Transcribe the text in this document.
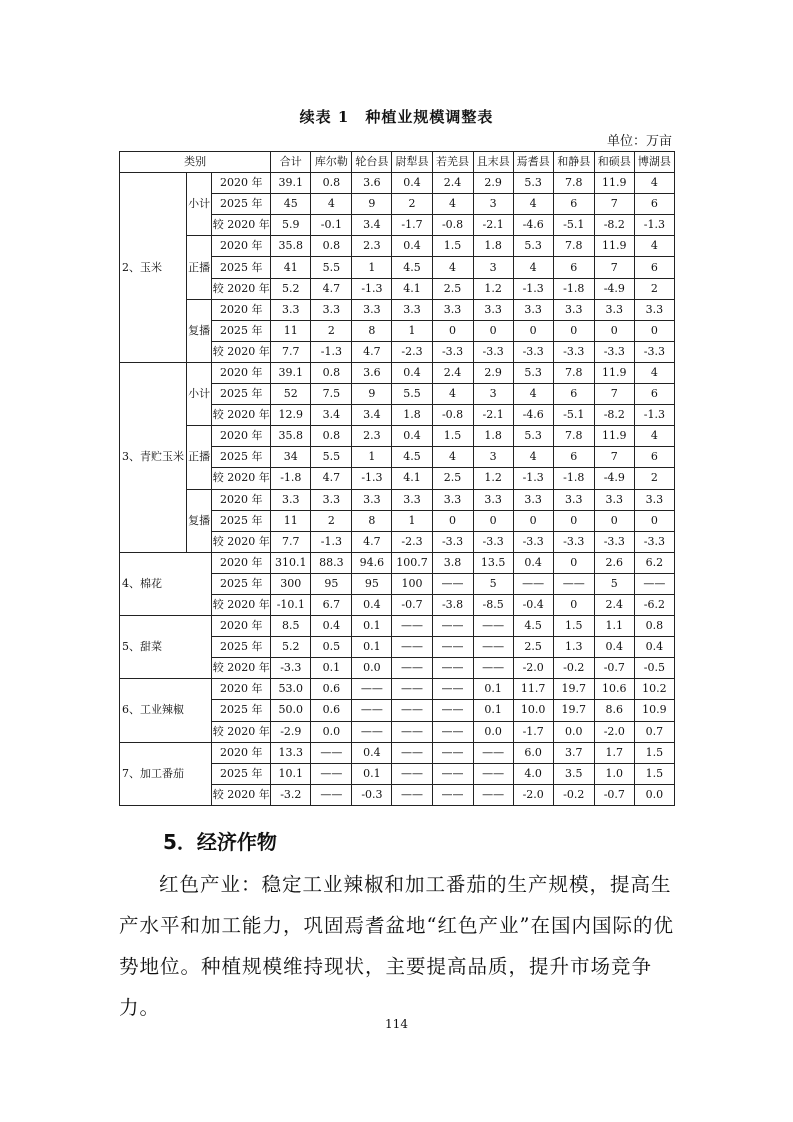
续表 1　种植业规模调整表
单位：万亩
类别			合计	库尔勒	轮台县	尉犁县	若羌县	且末县	焉耆县	和静县	和硕县	博湖县
2、玉米	小计	2020 年	39.1	0.8	3.6	0.4	2.4	2.9	5.3	7.8	11.9	4
		2025 年	45	4	9	2	4	3	4	6	7	6
		较 2020 年	5.9	-0.1	3.4	-1.7	-0.8	-2.1	-4.6	-5.1	-8.2	-1.3
	正播	2020 年	35.8	0.8	2.3	0.4	1.5	1.8	5.3	7.8	11.9	4
		2025 年	41	5.5	1	4.5	4	3	4	6	7	6
		较 2020 年	5.2	4.7	-1.3	4.1	2.5	1.2	-1.3	-1.8	-4.9	2
	复播	2020 年	3.3	3.3	3.3	3.3	3.3	3.3	3.3	3.3	3.3	3.3
		2025 年	11	2	8	1	0	0	0	0	0	0
		较 2020 年	7.7	-1.3	4.7	-2.3	-3.3	-3.3	-3.3	-3.3	-3.3	-3.3
3、青贮玉米	小计	2020 年	39.1	0.8	3.6	0.4	2.4	2.9	5.3	7.8	11.9	4
		2025 年	52	7.5	9	5.5	4	3	4	6	7	6
		较 2020 年	12.9	3.4	3.4	1.8	-0.8	-2.1	-4.6	-5.1	-8.2	-1.3
	正播	2020 年	35.8	0.8	2.3	0.4	1.5	1.8	5.3	7.8	11.9	4
		2025 年	34	5.5	1	4.5	4	3	4	6	7	6
		较 2020 年	-1.8	4.7	-1.3	4.1	2.5	1.2	-1.3	-1.8	-4.9	2
	复播	2020 年	3.3	3.3	3.3	3.3	3.3	3.3	3.3	3.3	3.3	3.3
		2025 年	11	2	8	1	0	0	0	0	0	0
		较 2020 年	7.7	-1.3	4.7	-2.3	-3.3	-3.3	-3.3	-3.3	-3.3	-3.3
4、棉花		2020 年	310.1	88.3	94.6	100.7	3.8	13.5	0.4	0	2.6	6.2
		2025 年	300	95	95	100	——	5	——	——	5	——
		较 2020 年	-10.1	6.7	0.4	-0.7	-3.8	-8.5	-0.4	0	2.4	-6.2
5、甜菜		2020 年	8.5	0.4	0.1	——	——	——	4.5	1.5	1.1	0.8
		2025 年	5.2	0.5	0.1	——	——	——	2.5	1.3	0.4	0.4
		较 2020 年	-3.3	0.1	0.0	——	——	——	-2.0	-0.2	-0.7	-0.5
6、工业辣椒		2020 年	53.0	0.6	——	——	——	0.1	11.7	19.7	10.6	10.2
		2025 年	50.0	0.6	——	——	——	0.1	10.0	19.7	8.6	10.9
		较 2020 年	-2.9	0.0	——	——	——	0.0	-1.7	0.0	-2.0	0.7
7、加工番茄		2020 年	13.3	——	0.4	——	——	——	6.0	3.7	1.7	1.5
		2025 年	10.1	——	0.1	——	——	——	4.0	3.5	1.0	1.5
		较 2020 年	-3.2	——	-0.3	——	——	——	-2.0	-0.2	-0.7	0.0
5．经济作物

红色产业：稳定工业辣椒和加工番茄的生产规模，提高生产水平和加工能力，巩固焉耆盆地“红色产业”在国内国际的优势地位。种植规模维持现状，主要提高品质，提升市场竞争力。

114
